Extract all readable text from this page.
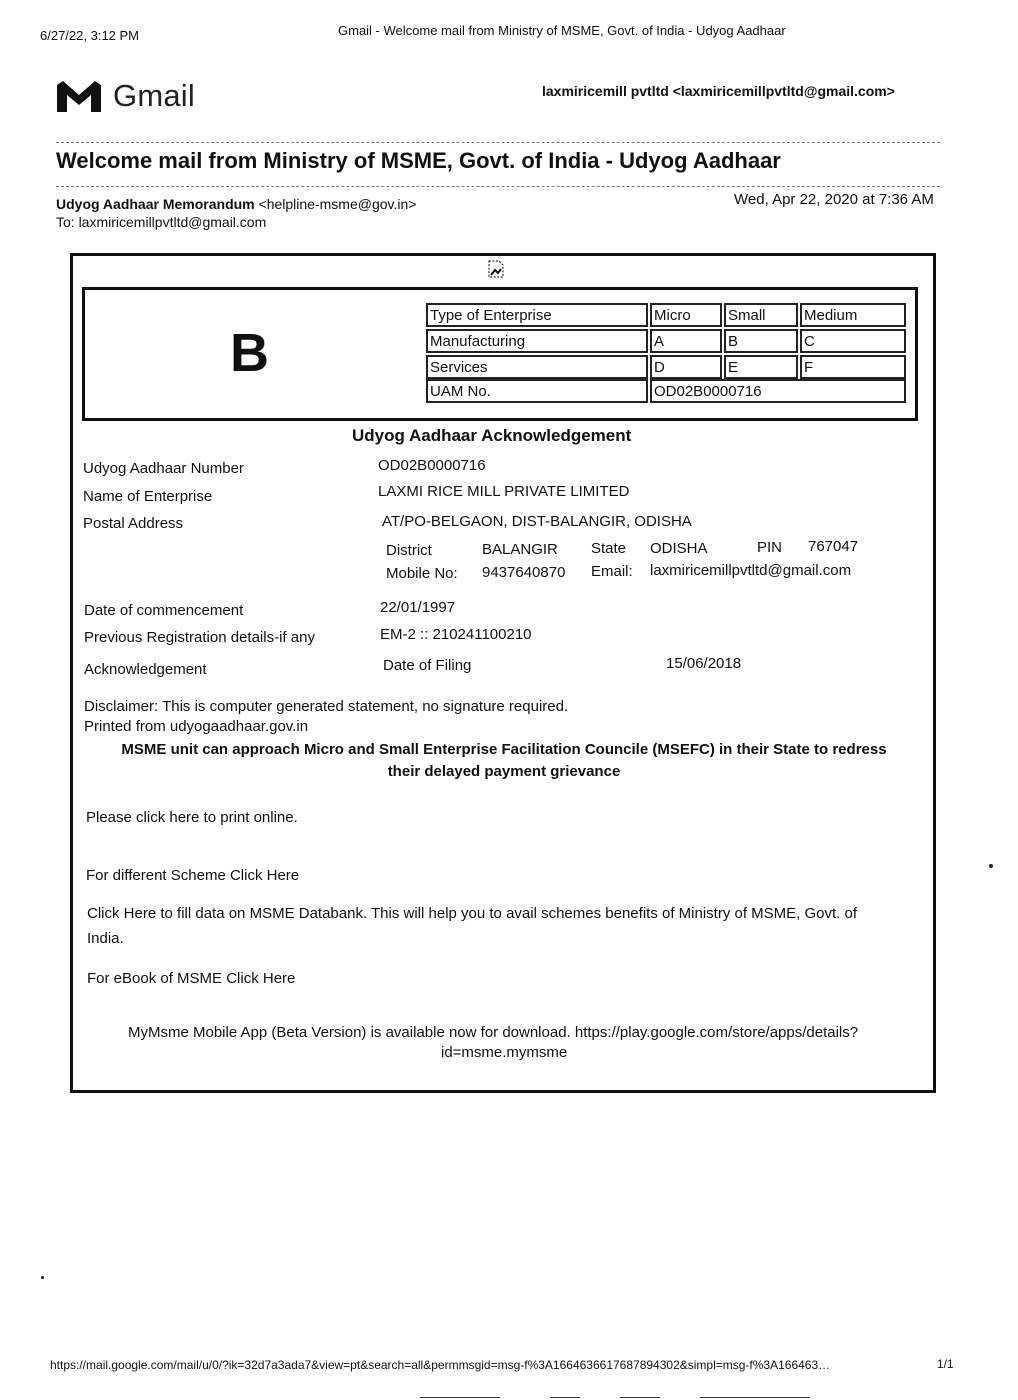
6/27/22, 3:12 PM	Gmail - Welcome mail from Ministry of MSME, Govt. of India - Udyog Aadhaar
Gmail	laxmiricemill pvtltd <laxmiricemillpvtltd@gmail.com>
Welcome mail from Ministry of MSME, Govt. of India - Udyog Aadhaar
Udyog Aadhaar Memorandum <helpline-msme@gov.in>
To: laxmiricemillpvtltd@gmail.com
Wed, Apr 22, 2020 at 7:36 AM
B
Type of Enterprise	Micro	Small	Medium
Manufacturing	A	B	C
Services	D	E	F
UAM No.	OD02B0000716
Udyog Aadhaar Acknowledgement
Udyog Aadhaar Number	OD02B0000716
Name of Enterprise	LAXMI RICE MILL PRIVATE LIMITED
Postal Address	AT/PO-BELGAON, DIST-BALANGIR, ODISHA
District	BALANGIR State ODISHA	PIN 767047
Mobile No: 9437640870 Email: laxmiricemillpvtltd@gmail.com
Date of commencement	22/01/1997
Previous Registration details-if any	EM-2 :: 210241100210
Acknowledgement	Date of Filing	15/06/2018
Disclaimer: This is computer generated statement, no signature required.
Printed from udyogaadhaar.gov.in
MSME unit can approach Micro and Small Enterprise Facilitation Councile (MSEFC) in their State to redress
their delayed payment grievance
Please click here to print online.
For different Scheme Click Here
Click Here to fill data on MSME Databank. This will help you to avail schemes benefits of Ministry of MSME, Govt. of
India.
For eBook of MSME Click Here
MyMsme Mobile App (Beta Version) is available now for download. https://play.google.com/store/apps/details?
id=msme.mymsme
https://mail.google.com/mail/u/0/?ik=32d7a3ada7&view=pt&search=all&permmsgid=msg-f%3A1664636617687894302&simpl=msg-f%3A166463…	1/1
